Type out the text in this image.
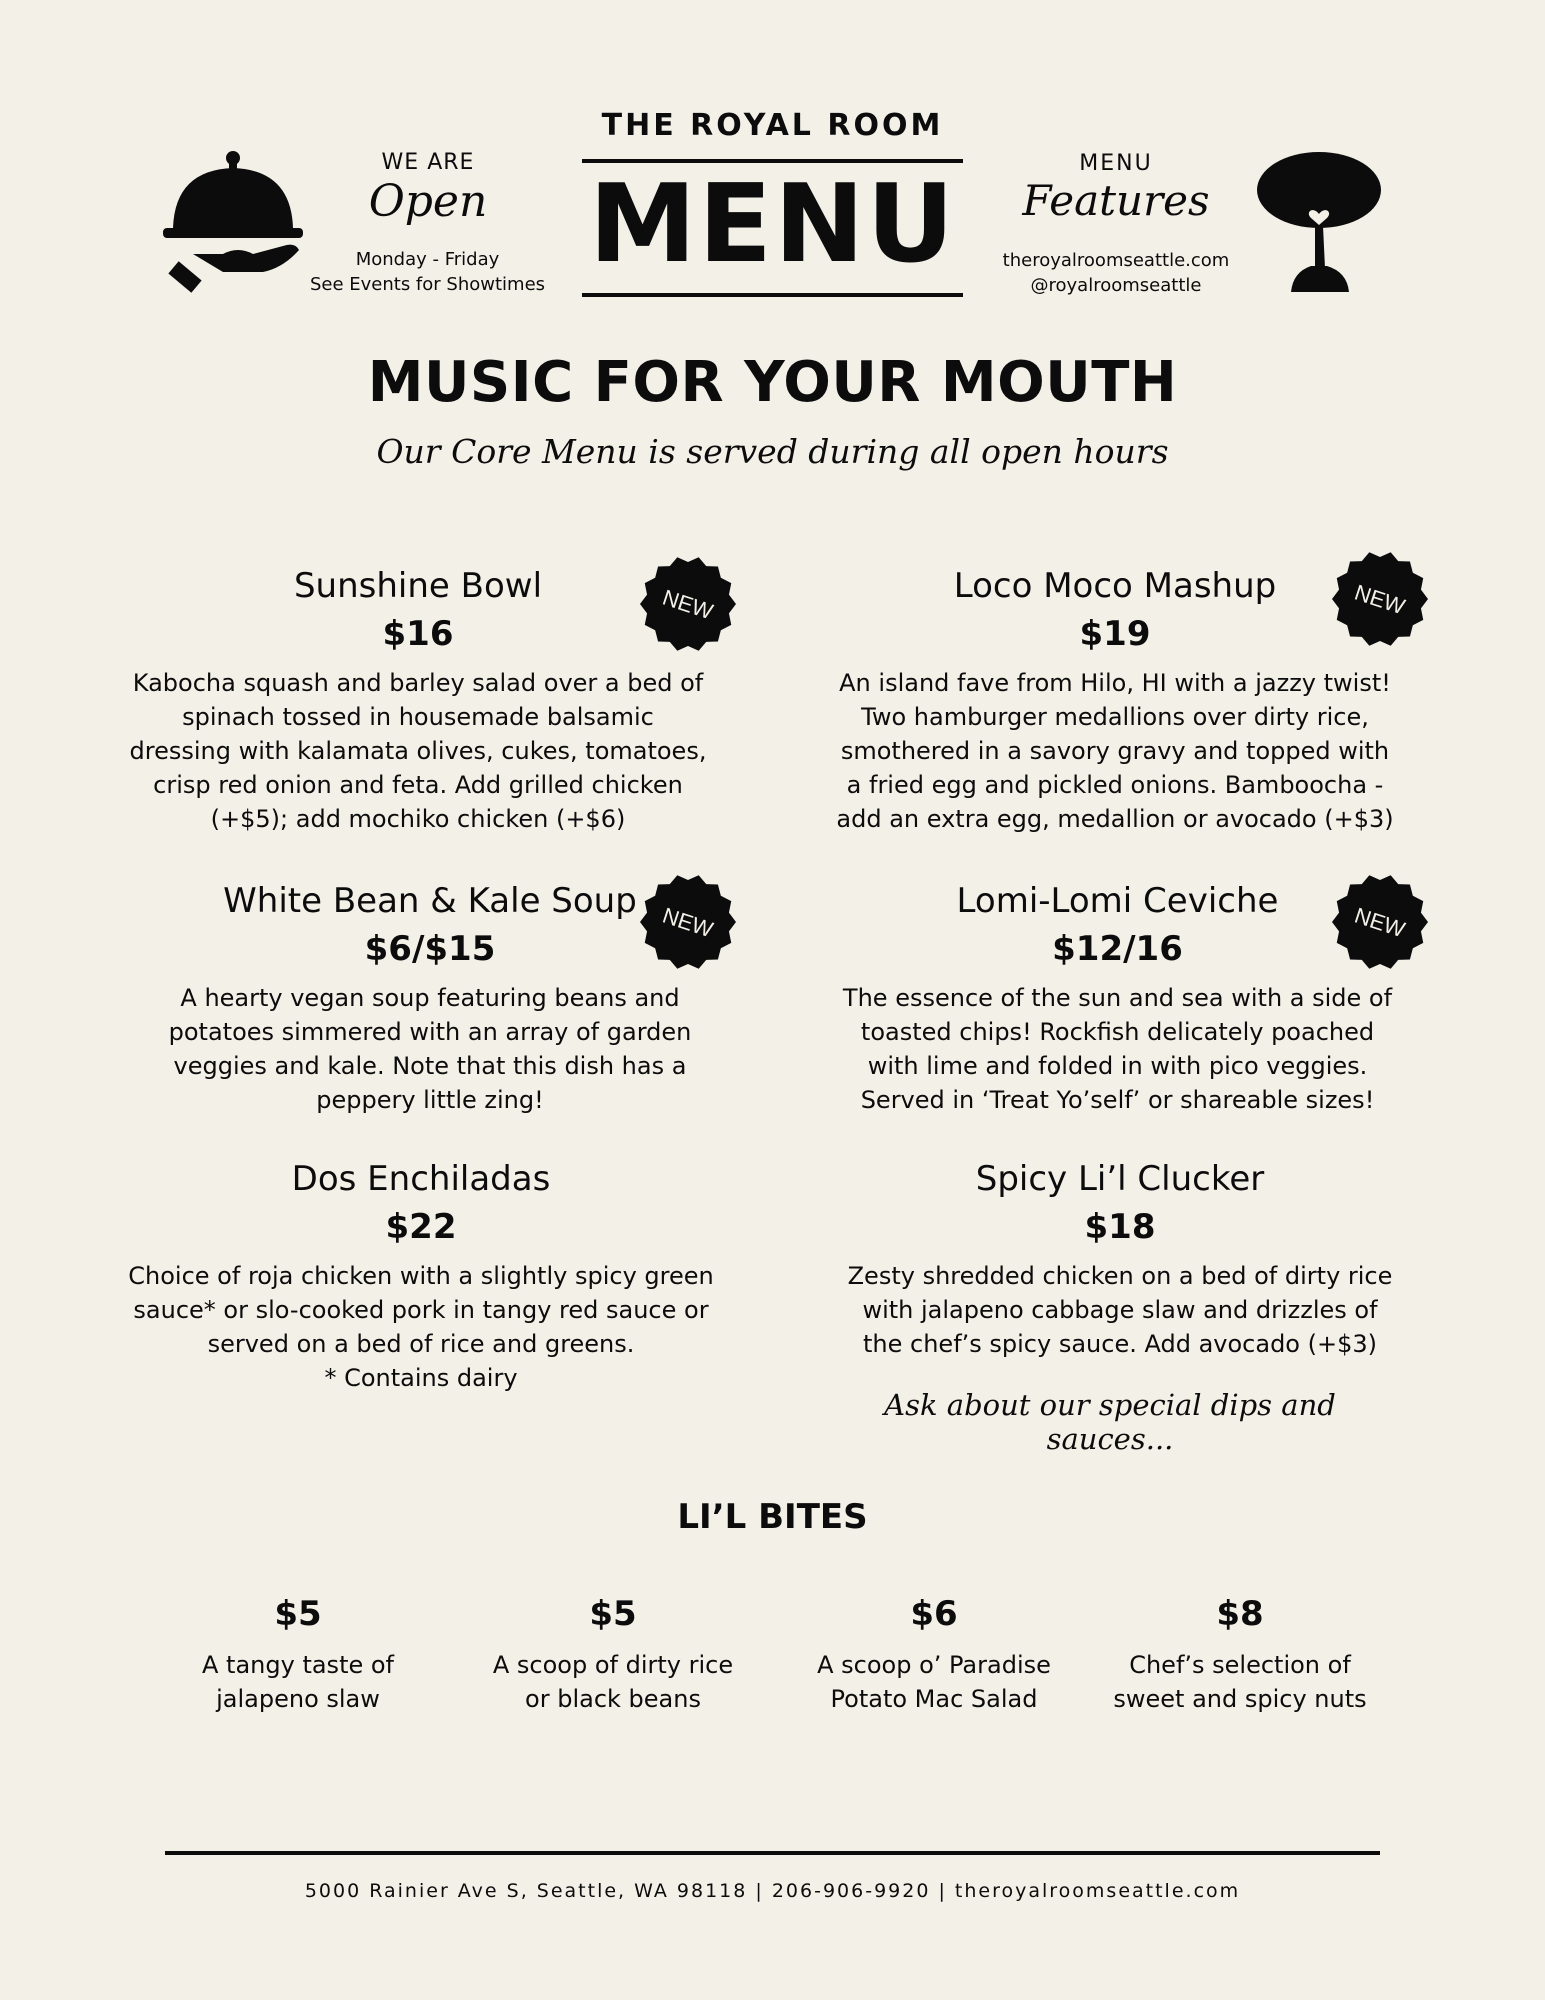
THE ROYAL ROOM
MENU
WE ARE
Open
Monday - Friday
See Events for Showtimes
MENU
Features
theroyalroomseattle.com
@royalroomseattle
MUSIC FOR YOUR MOUTH
Our Core Menu is served during all open hours
Sunshine Bowl
$16
Kabocha squash and barley salad over a bed of spinach tossed in housemade balsamic dressing with kalamata olives, cukes, tomatoes, crisp red onion and feta. Add grilled chicken (+$5); add mochiko chicken (+$6)
Loco Moco Mashup
$19
An island fave from Hilo, HI with a jazzy twist! Two hamburger medallions over dirty rice, smothered in a savory gravy and topped with a fried egg and pickled onions. Bamboocha - add an extra egg, medallion or avocado (+$3)
White Bean & Kale Soup
$6/$15
A hearty vegan soup featuring beans and potatoes simmered with an array of garden veggies and kale. Note that this dish has a peppery little zing!
Lomi-Lomi Ceviche
$12/16
The essence of the sun and sea with a side of toasted chips! Rockfish delicately poached with lime and folded in with pico veggies. Served in ‘Treat Yo’self’ or shareable sizes!
Dos Enchiladas
$22
Choice of roja chicken with a slightly spicy green sauce* or slo-cooked pork in tangy red sauce or served on a bed of rice and greens.
* Contains dairy
Spicy Li’l Clucker
$18
Zesty shredded chicken on a bed of dirty rice with jalapeno cabbage slaw and drizzles of the chef’s spicy sauce. Add avocado (+$3)
NEW	NEW
NEW	NEW
Ask about our special dips and sauces...
LI’L BITES
$5
A tangy taste of
jalapeno slaw
$5
A scoop of dirty rice
or black beans
$6
A scoop o’ Paradise
Potato Mac Salad
$8
Chef’s selection of
sweet and spicy nuts
5000 Rainier Ave S, Seattle, WA 98118 | 206-906-9920 | theroyalroomseattle.com
